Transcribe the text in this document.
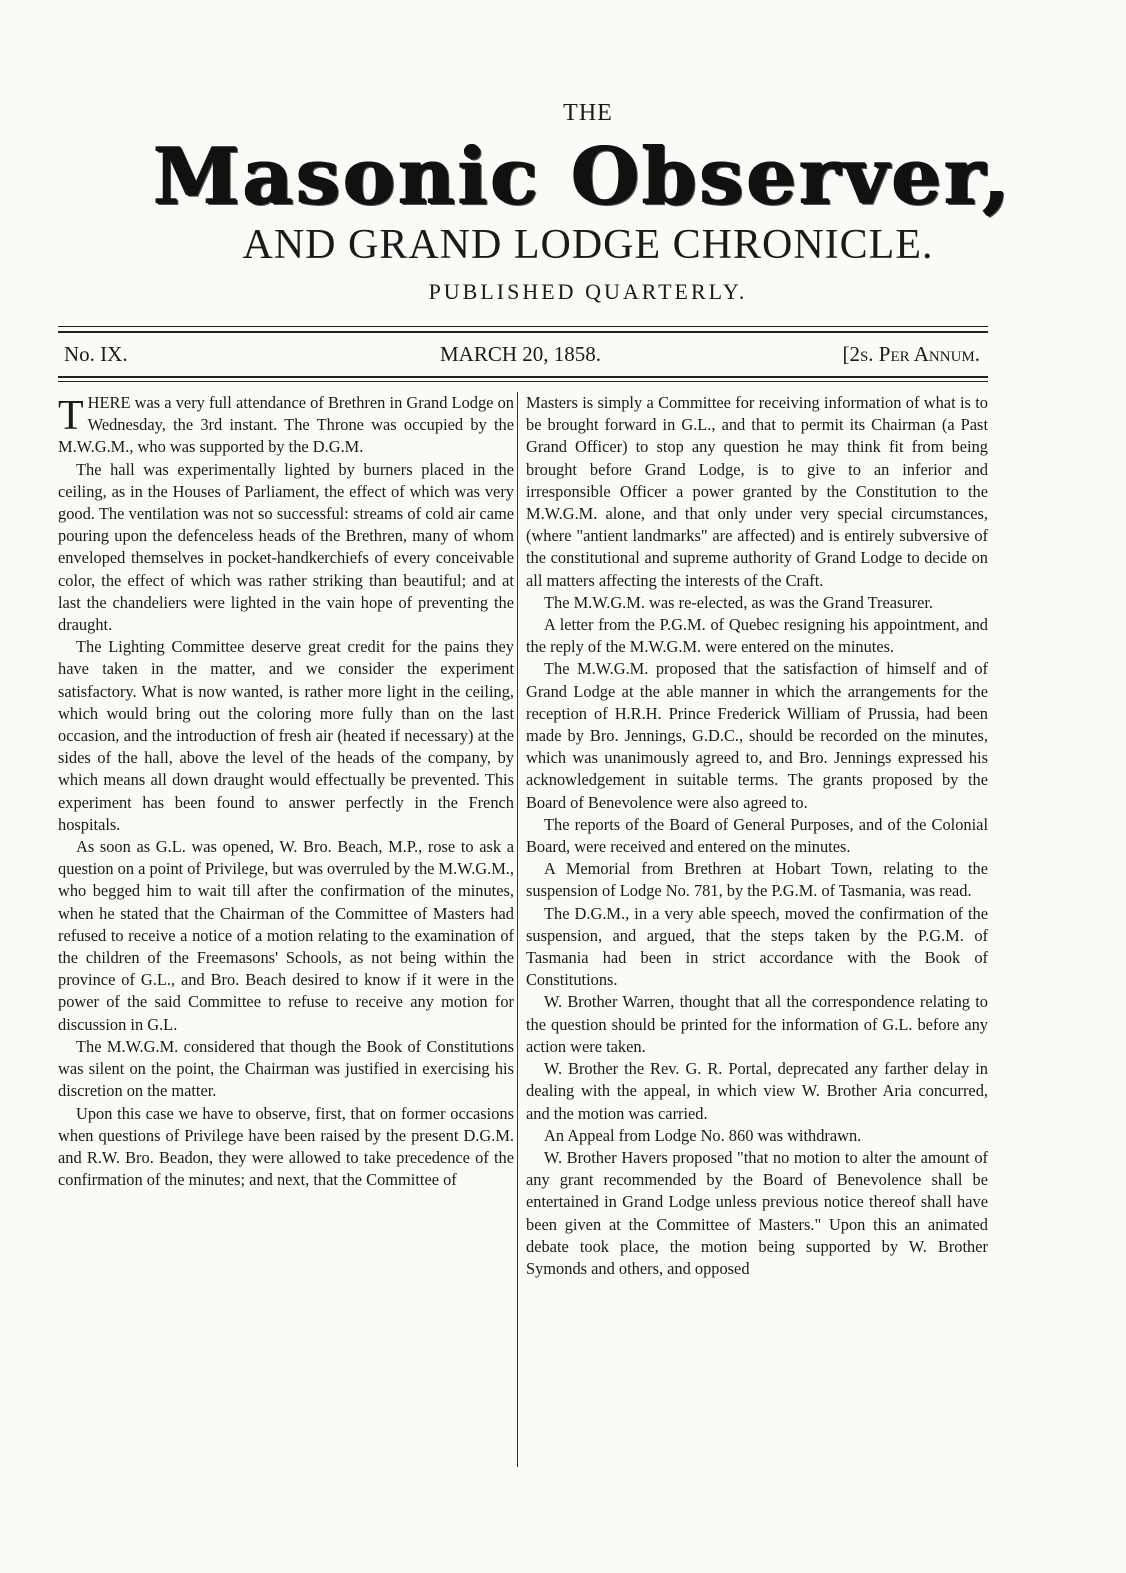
THE
Masonic Observer,
AND GRAND LODGE CHRONICLE.
PUBLISHED QUARTERLY.
No. IX.	MARCH 20, 1858.	[2s. Per Annum.

THERE was a very full attendance of Brethren in Grand Lodge on Wednesday, the 3rd instant. The Throne was occupied by the M.W.G.M., who was supported by the D.G.M.

The hall was experimentally lighted by burners placed in the ceiling, as in the Houses of Parliament, the effect of which was very good. The ventilation was not so successful: streams of cold air came pouring upon the defenceless heads of the Brethren, many of whom enveloped themselves in pocket-handkerchiefs of every conceivable color, the effect of which was rather striking than beautiful; and at last the chandeliers were lighted in the vain hope of preventing the draught.

The Lighting Committee deserve great credit for the pains they have taken in the matter, and we consider the experiment satisfactory. What is now wanted, is rather more light in the ceiling, which would bring out the coloring more fully than on the last occasion, and the introduction of fresh air (heated if necessary) at the sides of the hall, above the level of the heads of the company, by which means all down draught would effectually be prevented. This experiment has been found to answer perfectly in the French hospitals.

As soon as G.L. was opened, W. Bro. Beach, M.P., rose to ask a question on a point of Privilege, but was overruled by the M.W.G.M., who begged him to wait till after the confirmation of the minutes, when he stated that the Chairman of the Committee of Masters had refused to receive a notice of a motion relating to the examination of the children of the Freemasons' Schools, as not being within the province of G.L., and Bro. Beach desired to know if it were in the power of the said Committee to refuse to receive any motion for discussion in G.L.

The M.W.G.M. considered that though the Book of Constitutions was silent on the point, the Chairman was justified in exercising his discretion on the matter.

Upon this case we have to observe, first, that on former occasions when questions of Privilege have been raised by the present D.G.M. and R.W. Bro. Beadon, they were allowed to take precedence of the confirmation of the minutes; and next, that the Committee of

Masters is simply a Committee for receiving information of what is to be brought forward in G.L., and that to permit its Chairman (a Past Grand Officer) to stop any question he may think fit from being brought before Grand Lodge, is to give to an inferior and irresponsible Officer a power granted by the Constitution to the M.W.G.M. alone, and that only under very special circumstances, (where "antient landmarks" are affected) and is entirely subversive of the constitutional and supreme authority of Grand Lodge to decide on all matters affecting the interests of the Craft.

The M.W.G.M. was re-elected, as was the Grand Treasurer.

A letter from the P.G.M. of Quebec resigning his appointment, and the reply of the M.W.G.M. were entered on the minutes.

The M.W.G.M. proposed that the satisfaction of himself and of Grand Lodge at the able manner in which the arrangements for the reception of H.R.H. Prince Frederick William of Prussia, had been made by Bro. Jennings, G.D.C., should be recorded on the minutes, which was unanimously agreed to, and Bro. Jennings expressed his acknowledgement in suitable terms. The grants proposed by the Board of Benevolence were also agreed to.

The reports of the Board of General Purposes, and of the Colonial Board, were received and entered on the minutes.

A Memorial from Brethren at Hobart Town, relating to the suspension of Lodge No. 781, by the P.G.M. of Tasmania, was read.

The D.G.M., in a very able speech, moved the confirmation of the suspension, and argued, that the steps taken by the P.G.M. of Tasmania had been in strict accordance with the Book of Constitutions.

W. Brother Warren, thought that all the correspondence relating to the question should be printed for the information of G.L. before any action were taken.

W. Brother the Rev. G. R. Portal, deprecated any farther delay in dealing with the appeal, in which view W. Brother Aria concurred, and the motion was carried.

An Appeal from Lodge No. 860 was withdrawn.

W. Brother Havers proposed "that no motion to alter the amount of any grant recommended by the Board of Benevolence shall be entertained in Grand Lodge unless previous notice thereof shall have been given at the Committee of Masters." Upon this an animated debate took place, the motion being supported by W. Brother Symonds and others, and opposed
